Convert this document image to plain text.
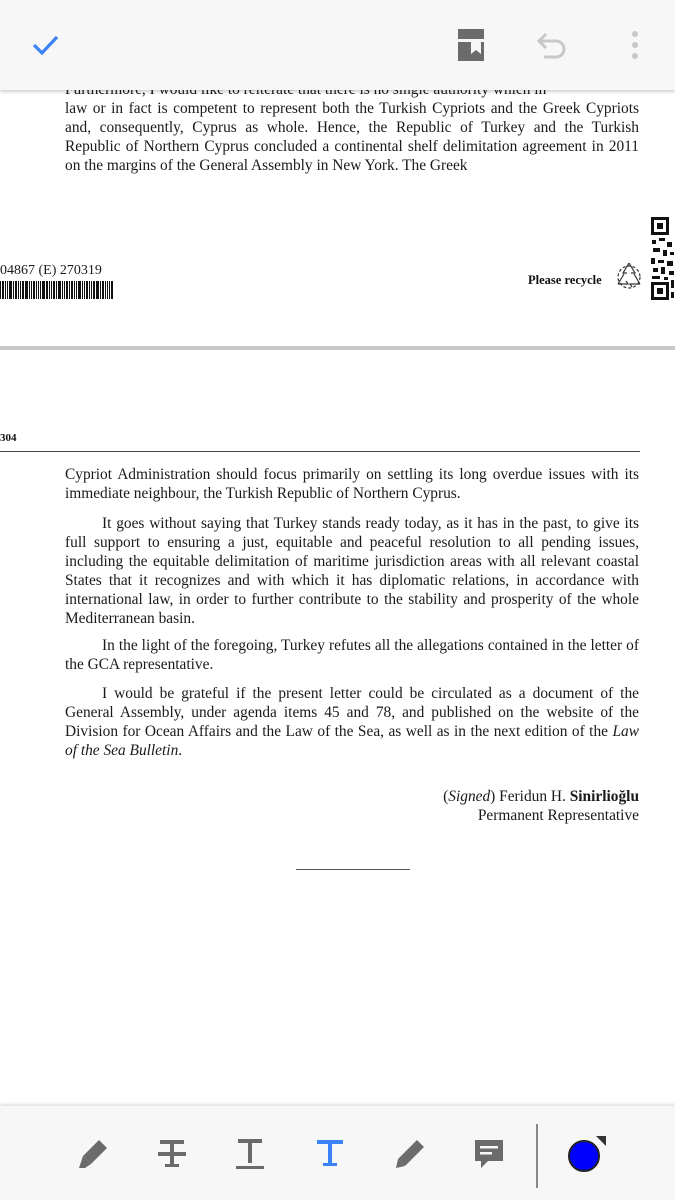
law or in fact is competent to represent both the Turkish Cypriots and the Greek Cypriots and, consequently, Cyprus as whole. Hence, the Republic of Turkey and the Turkish Republic of Northern Cyprus concluded a continental shelf delimitation agreement in 2011 on the margins of the General Assembly in New York. The Greek
04867 (E) 270319
Please recycle
304
Cypriot Administration should focus primarily on settling its long overdue issues with its immediate neighbour, the Turkish Republic of Northern Cyprus.
It goes without saying that Turkey stands ready today, as it has in the past, to give its full support to ensuring a just, equitable and peaceful resolution to all pending issues, including the equitable delimitation of maritime jurisdiction areas with all relevant coastal States that it recognizes and with which it has diplomatic relations, in accordance with international law, in order to further contribute to the stability and prosperity of the whole Mediterranean basin.
In the light of the foregoing, Turkey refutes all the allegations contained in the letter of the GCA representative.
I would be grateful if the present letter could be circulated as a document of the General Assembly, under agenda items 45 and 78, and published on the website of the Division for Ocean Affairs and the Law of the Sea, as well as in the next edition of the Law of the Sea Bulletin.
(Signed) Feridun H. Sinirlioğlu
Permanent Representative
